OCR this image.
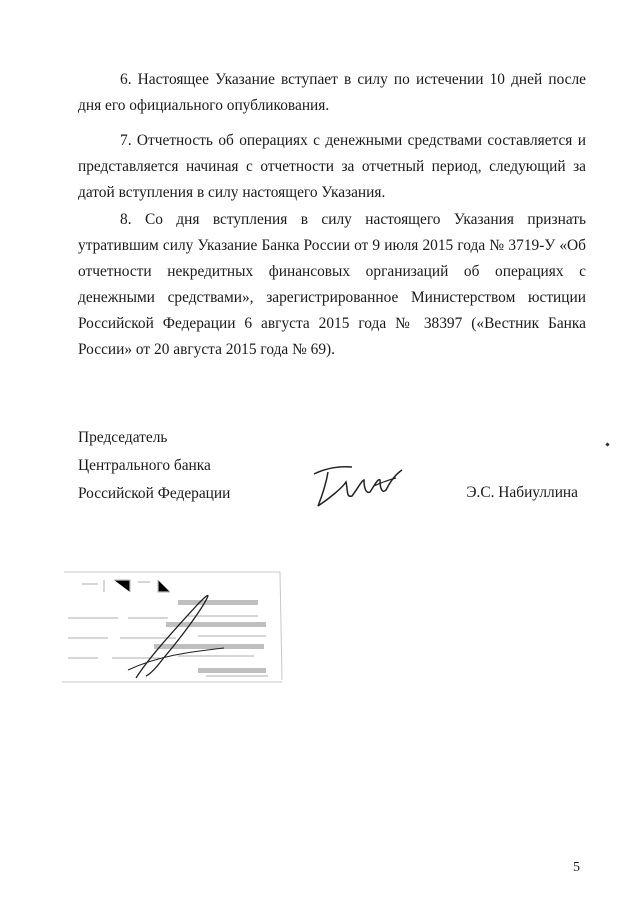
6. Настоящее Указание вступает в силу по истечении 10 дней после дня его официального опубликования.
7. Отчетность об операциях с денежными средствами составляется и представляется начиная с отчетности за отчетный период, следующий за датой вступления в силу настоящего Указания.
8. Со дня вступления в силу настоящего Указания признать утратившим силу Указание Банка России от 9 июля 2015 года № 3719-У «Об отчетности некредитных финансовых организаций об операциях с денежными средствами», зарегистрированное Министерством юстиции Российской Федерации 6 августа 2015 года № 38397 («Вестник Банка России» от 20 августа 2015 года № 69).
Председатель
Центрального банка
Российской Федерации	Э.С. Набиуллина
5
